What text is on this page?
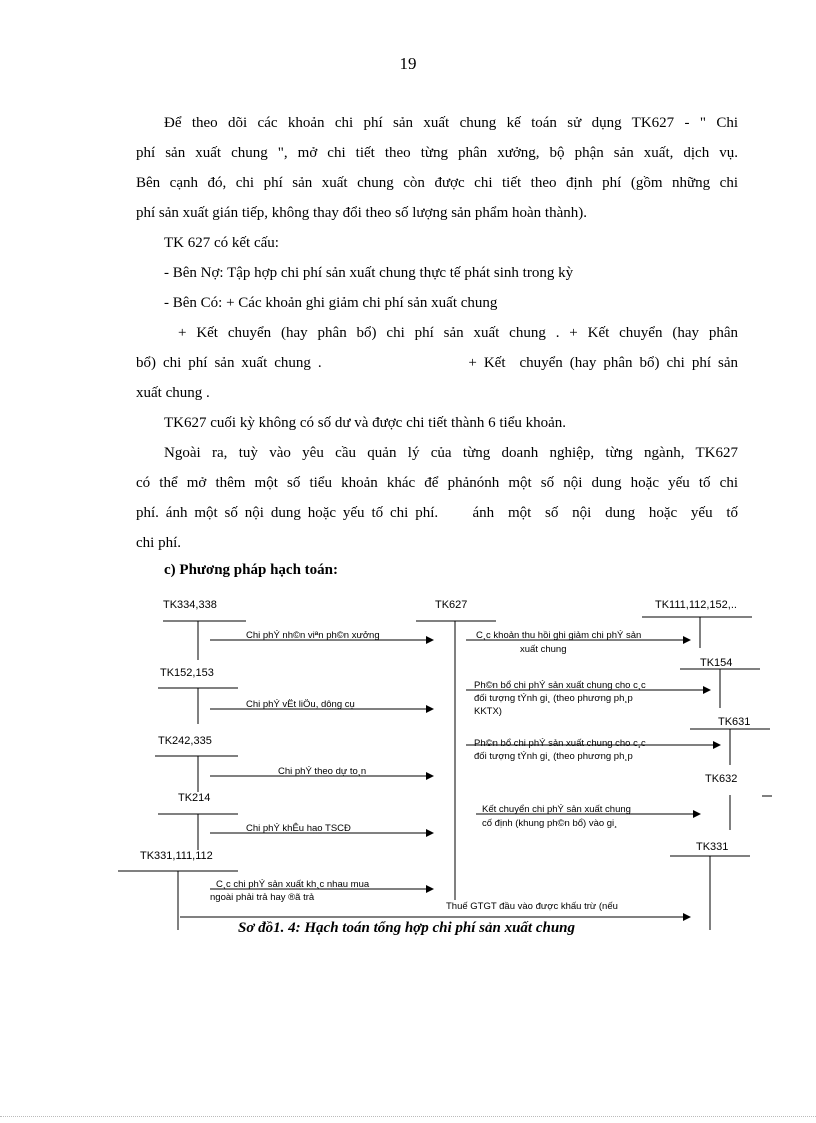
19
Để theo dõi các khoản chi phí sản xuất chung kế toán sử dụng TK627 - " Chi
phí sản xuất chung ", mở chi tiết theo từng phân xưởng, bộ phận sản xuất, dịch vụ.
Bên cạnh đó, chi phí sản xuất chung còn được chi tiết theo định phí (gồm những chi
phí sản xuất gián tiếp, không thay đổi theo số lượng sản phẩm hoàn thành).
TK 627 có kết cấu:
- Bên Nợ: Tập hợp chi phí sản xuất chung thực tế phát sinh trong kỳ
- Bên Có: + Các khoản ghi giảm chi phí sản xuất chung
+ Kết chuyển (hay phân bổ) chi phí sản xuất chung . + Kết chuyển (hay phân
bổ) chi phí sản xuất chung .                     + Kết  chuyển (hay phân bổ) chi phí sản
xuất chung .
TK627 cuối kỳ không có số dư và được chi tiết thành 6 tiểu khoản.
Ngoài ra, tuỳ vào yêu cầu quản lý của từng doanh nghiệp, từng ngành, TK627
có thể mở thêm một số tiểu khoản khác để phảnónh một số nội dung hoặc yếu tố chi
phí. ánh một số nội dung hoặc yếu tố chi phí.     ánh  một  số  nội  dung  hoặc  yếu  tố
chi phí.
c) Phương pháp hạch toán:
TK334,338
TK152,153
TK242,335
TK214
TK331,111,112
TK627	TK111,112,152,..
TK154
TK631
TK632
TK331
Chi phÝ nh©n viªn ph©n xưởng
Chi phÝ vËt liÖu, dông cụ
Chi phÝ theo dự to¸n
Chi phÝ khÊu hao TSCĐ
C¸c chi phÝ sản xuất kh¸c nhau mua
ngoài phải trả hay ®ã trả
C¸c khoản thu hồi ghi giảm chi phÝ sản
xuất chung
Ph©n bổ chi phÝ sản xuất chung cho c¸c
đối tượng tÝnh gi¸ (theo phương ph¸p
KKTX)
Ph©n bổ chi phÝ sản xuất chung cho c¸c
đối tượng tÝnh gi¸ (theo phương ph¸p
Kết chuyển chi phÝ sản xuất chung
cố định (khung ph©n bổ) vào gi¸
Thuế GTGT đầu vào được khấu trừ (nếu
Sơ đồ1. 4: Hạch toán tổng hợp chi phí sản xuất chung
